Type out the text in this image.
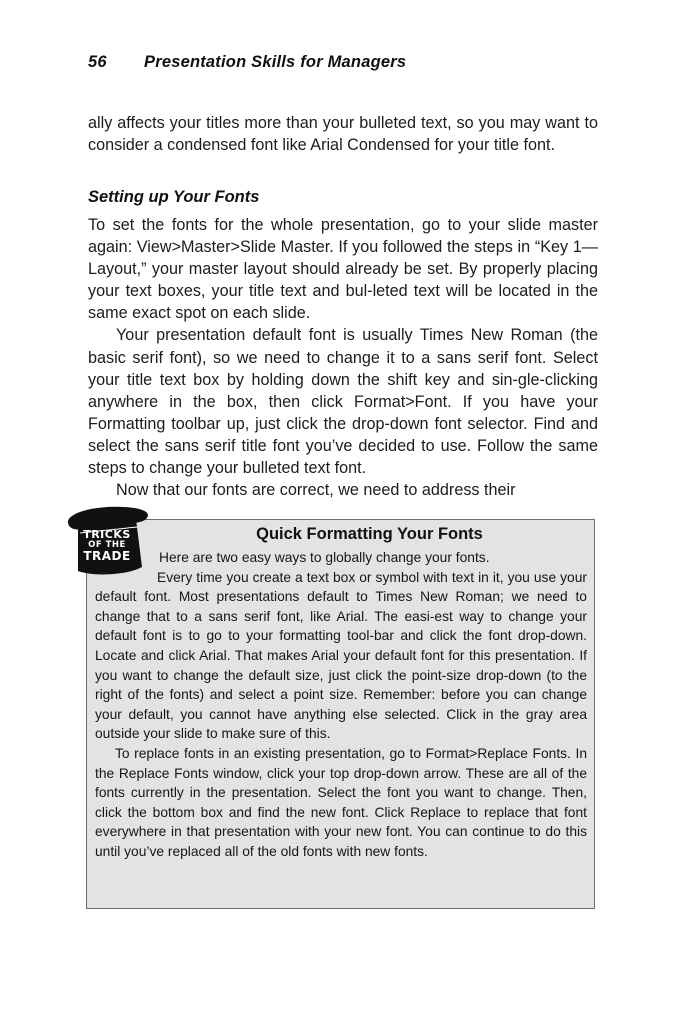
56 Presentation Skills for Managers

ally affects your titles more than your bulleted text, so you may want to consider a condensed font like Arial Condensed for your title font.

Setting up Your Fonts

To set the fonts for the whole presentation, go to your slide master again: View>Master>Slide Master. If you followed the steps in “Key 1—Layout,” your master layout should already be set. By properly placing your text boxes, your title text and bul-leted text will be located in the same exact spot on each slide.

Your presentation default font is usually Times New Roman (the basic serif font), so we need to change it to a sans serif font. Select your title text box by holding down the shift key and sin-gle-clicking anywhere in the box, then click Format>Font. If you have your Formatting toolbar up, just click the drop-down font selector. Find and select the sans serif title font you’ve decided to use. Follow the same steps to change your bulleted text font.

Now that our fonts are correct, we need to address their

Quick Formatting Your Fonts

Here are two easy ways to globally change your fonts.

Every time you create a text box or symbol with text in it, you use your default font. Most presentations default to Times New Roman; we need to change that to a sans serif font, like Arial. The easi-est way to change your default font is to go to your formatting tool-bar and click the font drop-down. Locate and click Arial. That makes Arial your default font for this presentation. If you want to change the default size, just click the point-size drop-down (to the right of the fonts) and select a point size. Remember: before you can change your default, you cannot have anything else selected. Click in the gray area outside your slide to make sure of this.

To replace fonts in an existing presentation, go to Format>Replace Fonts. In the Replace Fonts window, click your top drop-down arrow. These are all of the fonts currently in the presentation. Select the font you want to change. Then, click the bottom box and find the new font. Click Replace to replace that font everywhere in that presentation with your new font. You can continue to do this until you’ve replaced all of the old fonts with new fonts.

TRICKS
OF THE
TRADE
